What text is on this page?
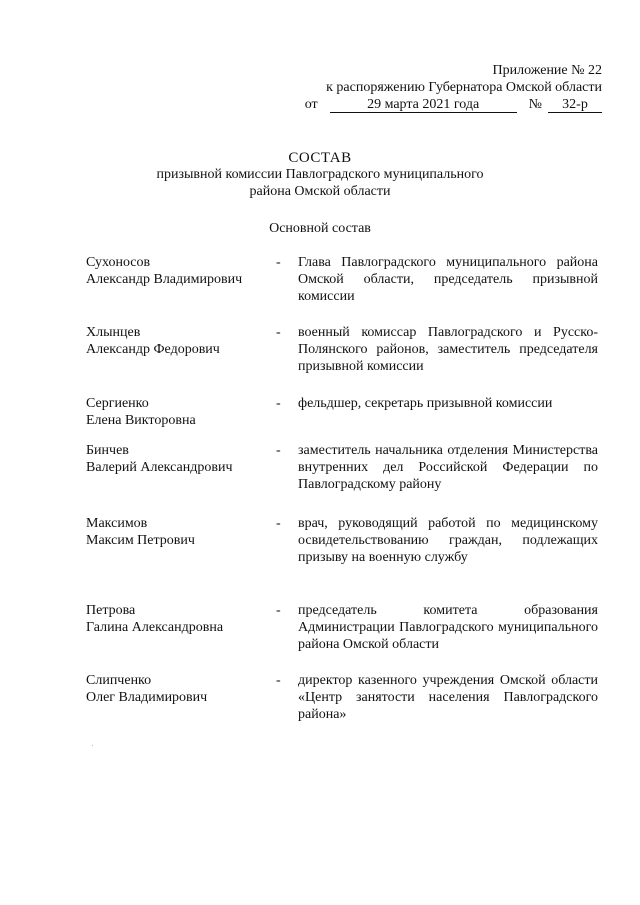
Приложение № 22
к распоряжению Губернатора Омской области
от	29 марта 2021 года	№	32-р
СОСТАВ
призывной комиссии Павлоградского муниципального
района Омской области
Основной состав
Сухоносов
Александр Владимирович
-	Глава Павлоградского муниципального района Омской области, председатель призывной комиссии
Хлынцев
Александр Федорович
-	военный комиссар Павлоградского и Русско-Полянского районов, заместитель председателя призывной комиссии
Сергиенко
Елена Викторовна
-	фельдшер, секретарь призывной комиссии
Бинчев
Валерий Александрович
-	заместитель начальника отделения Министерства внутренних дел Российской Федерации по Павлоградскому району
Максимов
Максим Петрович
-	врач, руководящий работой по медицинскому освидетельствованию граждан, подлежащих призыву на военную службу
Петрова
Галина Александровна
-	председатель комитета образования Администрации Павлоградского муниципального района Омской области
Слипченко
Олег Владимирович
-	директор казенного учреждения Омской области «Центр занятости населения Павлоградского района»
